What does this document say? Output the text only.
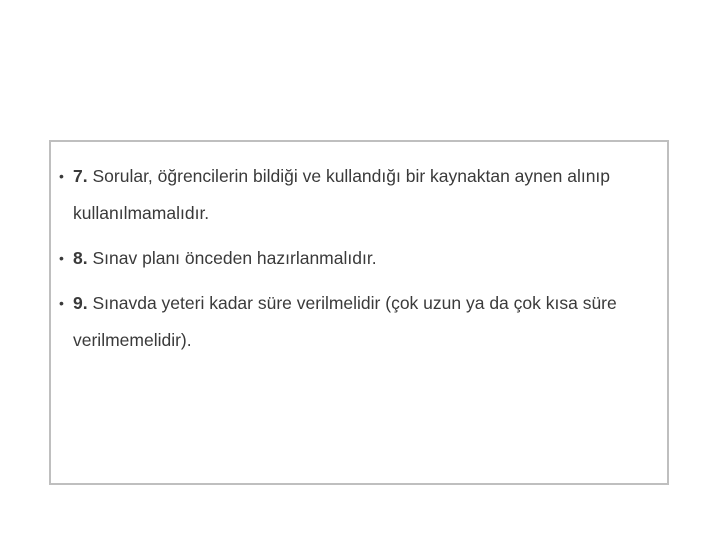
• 7. Sorular, öğrencilerin bildiği ve kullandığı bir kaynaktan aynen alınıp kullanılmamalıdır.
• 8. Sınav planı önceden hazırlanmalıdır.
• 9. Sınavda yeteri kadar süre verilmelidir (çok uzun ya da çok kısa süre verilmemelidir).
